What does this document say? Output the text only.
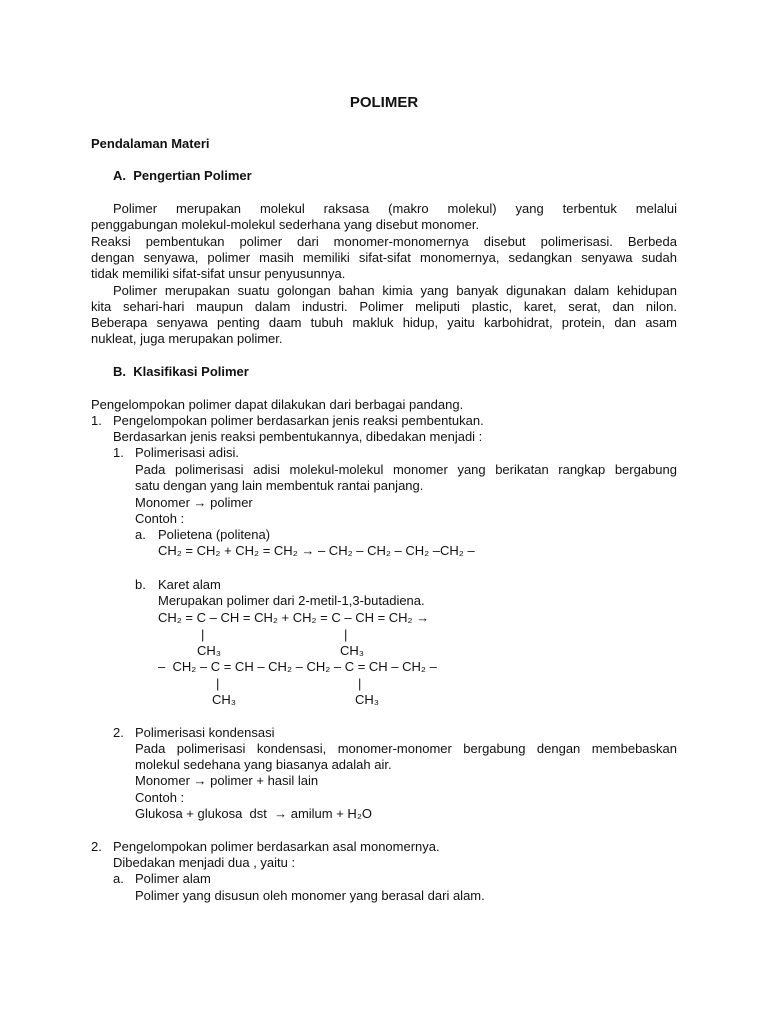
POLIMER
Pendalaman Materi
A.  Pengertian Polimer
Polimer merupakan molekul raksasa (makro molekul) yang terbentuk melalui
penggabungan molekul-molekul sederhana yang disebut monomer.
Reaksi pembentukan polimer dari monomer-monomernya disebut polimerisasi. Berbeda
dengan senyawa, polimer masih memiliki sifat-sifat monomernya, sedangkan senyawa sudah
tidak memiliki sifat-sifat unsur penyusunnya.
Polimer merupakan suatu golongan bahan kimia yang banyak digunakan dalam kehidupan
kita sehari-hari maupun dalam industri. Polimer meliputi plastic, karet, serat, dan nilon.
Beberapa senyawa penting daam tubuh makluk hidup, yaitu karbohidrat, protein, dan asam
nukleat, juga merupakan polimer.
B.  Klasifikasi Polimer
Pengelompokan polimer dapat dilakukan dari berbagai pandang.
1. Pengelompokan polimer berdasarkan jenis reaksi pembentukan.
Berdasarkan jenis reaksi pembentukannya, dibedakan menjadi :
1. Polimerisasi adisi.
Pada polimerisasi adisi molekul-molekul monomer yang berikatan rangkap bergabung
satu dengan yang lain membentuk rantai panjang.
Monomer → polimer
Contoh :
a. Polietena (politena)
CH₂ = CH₂ + CH₂ = CH₂ → – CH₂ – CH₂ – CH₂ –CH₂ –
b. Karet alam
Merupakan polimer dari 2-metil-1,3-butadiena.
CH₂ = C – CH = CH₂ + CH₂ = C – CH = CH₂ →
|	|
CH₃	CH₃
–  CH₂ – C = CH – CH₂ – CH₂ – C = CH – CH₂ –
|	|
CH₃	CH₃
2. Polimerisasi kondensasi
Pada polimerisasi kondensasi, monomer-monomer bergabung dengan membebaskan
molekul sedehana yang biasanya adalah air.
Monomer → polimer + hasil lain
Contoh :
Glukosa + glukosa  dst  → amilum + H₂O
2. Pengelompokan polimer berdasarkan asal monomernya.
Dibedakan menjadi dua , yaitu :
a. Polimer alam
Polimer yang disusun oleh monomer yang berasal dari alam.
